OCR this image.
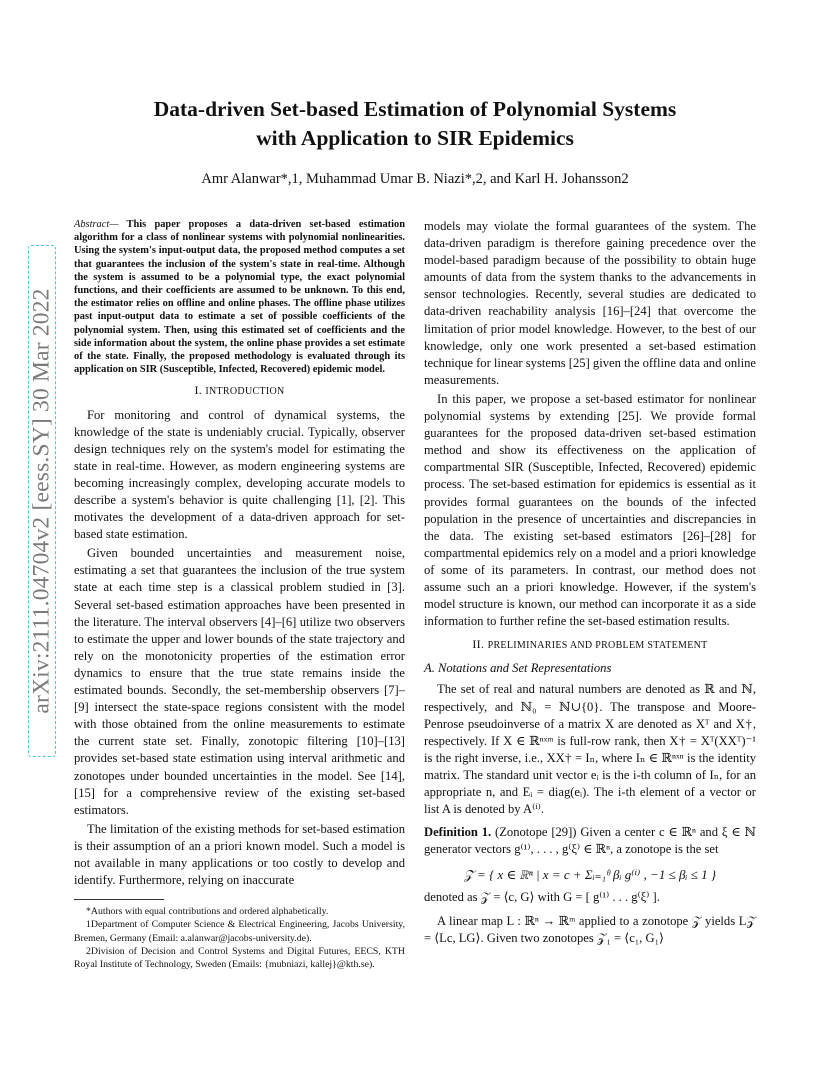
arXiv:2111.04704v2 [eess.SY] 30 Mar 2022
Data-driven Set-based Estimation of Polynomial Systems
with Application to SIR Epidemics
Amr Alanwar*,1, Muhammad Umar B. Niazi*,2, and Karl H. Johansson2
Abstract— This paper proposes a data-driven set-based estimation algorithm for a class of nonlinear systems with polynomial nonlinearities. Using the system's input-output data, the proposed method computes a set that guarantees the inclusion of the system's state in real-time. Although the system is assumed to be a polynomial type, the exact polynomial functions, and their coefficients are assumed to be unknown. To this end, the estimator relies on offline and online phases. The offline phase utilizes past input-output data to estimate a set of possible coefficients of the polynomial system. Then, using this estimated set of coefficients and the side information about the system, the online phase provides a set estimate of the state. Finally, the proposed methodology is evaluated through its application on SIR (Susceptible, Infected, Recovered) epidemic model.
I. INTRODUCTION

For monitoring and control of dynamical systems, the knowledge of the state is undeniably crucial. Typically, observer design techniques rely on the system's model for estimating the state in real-time. However, as modern engineering systems are becoming increasingly complex, developing accurate models to describe a system's behavior is quite challenging [1], [2]. This motivates the development of a data-driven approach for set-based state estimation.

Given bounded uncertainties and measurement noise, estimating a set that guarantees the inclusion of the true system state at each time step is a classical problem studied in [3]. Several set-based estimation approaches have been presented in the literature. The interval observers [4]–[6] utilize two observers to estimate the upper and lower bounds of the state trajectory and rely on the monotonicity properties of the estimation error dynamics to ensure that the true state remains inside the estimated bounds. Secondly, the set-membership observers [7]–[9] intersect the state-space regions consistent with the model with those obtained from the online measurements to estimate the current state set. Finally, zonotopic filtering [10]–[13] provides set-based state estimation using interval arithmetic and zonotopes under bounded uncertainties in the model. See [14], [15] for a comprehensive review of the existing set-based estimators.

The limitation of the existing methods for set-based estimation is their assumption of an a priori known model. Such a model is not available in many applications or too costly to develop and identify. Furthermore, relying on inaccurate

*Authors with equal contributions and ordered alphabetically.

1Department of Computer Science & Electrical Engineering, Jacobs University, Bremen, Germany (Email: a.alanwar@jacobs-university.de).

2Division of Decision and Control Systems and Digital Futures, EECS, KTH Royal Institute of Technology, Sweden (Emails: {mubniazi, kallej}@kth.se).

models may violate the formal guarantees of the system. The data-driven paradigm is therefore gaining precedence over the model-based paradigm because of the possibility to obtain huge amounts of data from the system thanks to the advancements in sensor technologies. Recently, several studies are dedicated to data-driven reachability analysis [16]–[24] that overcome the limitation of prior model knowledge. However, to the best of our knowledge, only one work presented a set-based estimation technique for linear systems [25] given the offline data and online measurements.

In this paper, we propose a set-based estimator for nonlinear polynomial systems by extending [25]. We provide formal guarantees for the proposed data-driven set-based estimation method and show its effectiveness on the application of compartmental SIR (Susceptible, Infected, Recovered) epidemic process. The set-based estimation for epidemics is essential as it provides formal guarantees on the bounds of the infected population in the presence of uncertainties and discrepancies in the data. The existing set-based estimators [26]–[28] for compartmental epidemics rely on a model and a priori knowledge of some of its parameters. In contrast, our method does not assume such an a priori knowledge. However, if the system's model structure is known, our method can incorporate it as a side information to further refine the set-based estimation results.

II. PRELIMINARIES AND PROBLEM STATEMENT
A. Notations and Set Representations

The set of real and natural numbers are denoted as ℝ and ℕ, respectively, and ℕ₀ = ℕ∪{0}. The transpose and Moore-Penrose pseudoinverse of a matrix X are denoted as Xᵀ and X†, respectively. If X ∈ ℝⁿˣᵐ is full-row rank, then X† = Xᵀ(XXᵀ)⁻¹ is the right inverse, i.e., XX† = Iₙ, where Iₙ ∈ ℝⁿˣⁿ is the identity matrix. The standard unit vector eᵢ is the i-th column of Iₙ, for an appropriate n, and Eᵢ = diag(eᵢ). The i-th element of a vector or list A is denoted by A⁽ⁱ⁾.

Definition 1. (Zonotope [29]) Given a center c ∈ ℝⁿ and ξ ∈ ℕ generator vectors g⁽¹⁾, . . . , g⁽ξ⁾ ∈ ℝⁿ, a zonotope is the set

𝒵 = { x ∈ ℝⁿ | x = c + Σᵢ₌₁ᶿ βᵢ g⁽ⁱ⁾ , −1 ≤ βᵢ ≤ 1 }

denoted as 𝒵 = ⟨c, G⟩ with G = [ g⁽¹⁾ . . . g⁽ξ⁾ ].

A linear map L : ℝⁿ → ℝᵐ applied to a zonotope 𝒵 yields L𝒵 = ⟨Lc, LG⟩. Given two zonotopes 𝒵₁ = ⟨c₁, G₁⟩
